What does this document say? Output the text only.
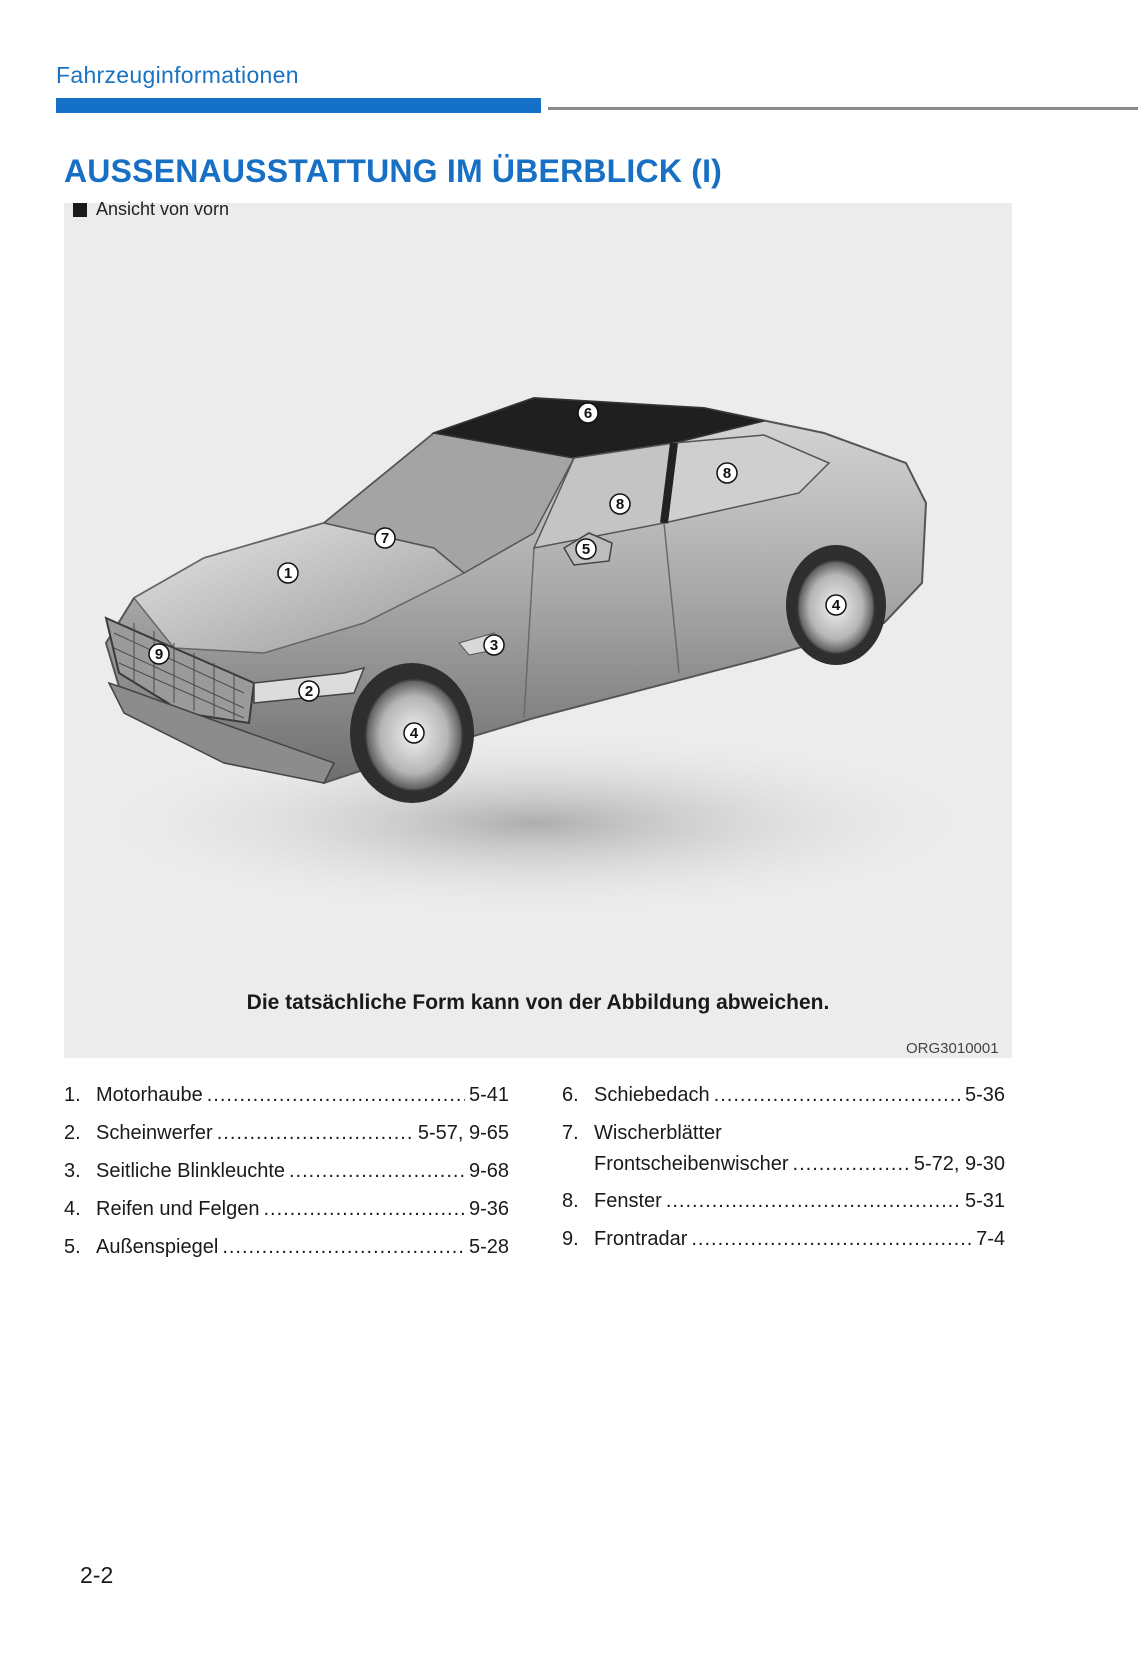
Fahrzeuginformationen
AUSSENAUSSTATTUNG IM ÜBERBLICK (I)
1
2
3
4
4
5
6
7
8
8
9
Die tatsächliche Form kann von der Abbildung abweichen.
Ansicht von vorn
ORG3010001
1. Motorhaube .....	5-41
2. Scheinwerfer .....	5-57, 9-65
3. Seitliche Blinkleuchte .....	9-68
4. Reifen und Felgen .....	9-36
5. Außenspiegel .....	5-28
6. Schiebedach .....	5-36
7. Wischerblätter
Frontscheibenwischer .....	5-72, 9-30
8. Fenster .....	5-31
9. Frontradar .....	7-4
2-2
